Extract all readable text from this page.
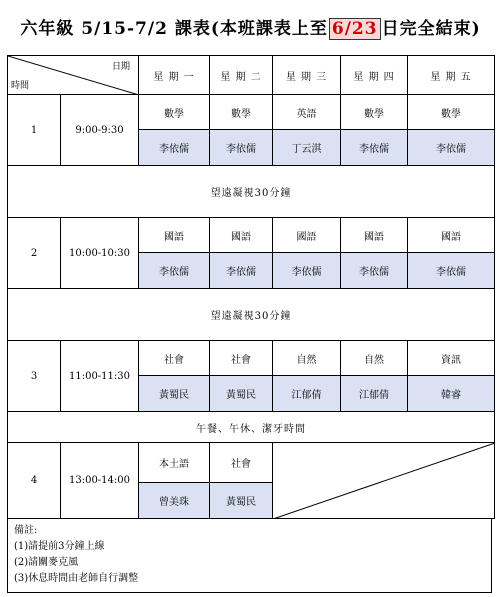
六年級 5/15-7/2 課表(本班課表上至 6/23 日完全結束)
日期
時間		星 期 一	星 期 二	星 期 三	星 期 四	星 期 五
1	9:00-9:30	數學	數學	英語	數學	數學
		李依儒	李依儒	丁云淇	李依儒	李依儒
望遠凝視30分鐘						
2	10:00-10:30	國語	國語	國語	國語	國語
		李依儒	李依儒	李依儒	李依儒	李依儒
望遠凝視30分鐘						
3	11:00-11:30	社會	社會	自然	自然	資訊
		黃蜀民	黃蜀民	江郁倩	江郁倩	韓睿
午餐、午休、潔牙時間						
4	13:00-14:00	本土語	社會	

		曾美珠	黃蜀民			
備註:
(1)請提前3分鐘上線
(2)請關麥克風
(3)休息時間由老師自行調整
